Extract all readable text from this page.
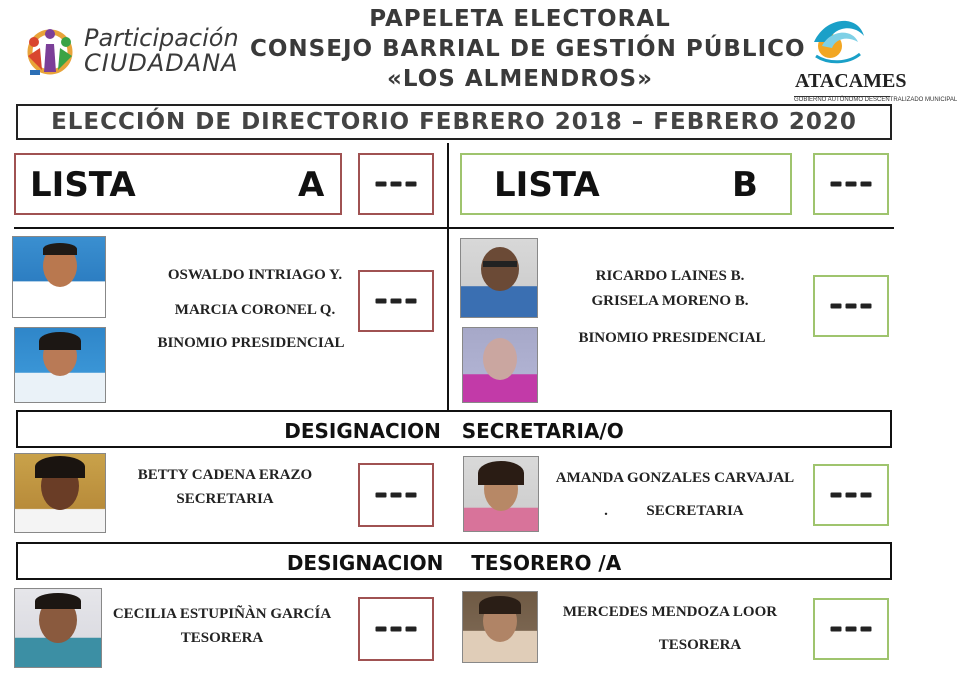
Participación
CIUDADANA
PAPELETA ELECTORAL
CONSEJO BARRIAL DE GESTIÓN PÚBLICO
«LOS ALMENDROS»	ATACAMES
GOBIERNO AUTÓNOMO DESCENTRALIZADO MUNICIPAL
ELECCIÓN DE DIRECTORIO FEBRERO 2018 – FEBRERO 2020
LISTA	A	LISTA	B
OSWALDO INTRIAGO Y.
MARCIA CORONEL Q.
BINOMIO PRESIDENCIAL
RICARDO LAINES B.
GRISELA MORENO B.
BINOMIO PRESIDENCIAL
DESIGNACION   SECRETARIA/O
BETTY CADENA ERAZO
SECRETARIA
AMANDA GONZALES CARVAJAL
.	SECRETARIA
DESIGNACION    TESORERO /A
CECILIA ESTUPIÑÀN GARCÍA
TESORERA
MERCEDES MENDOZA LOOR
TESORERA
